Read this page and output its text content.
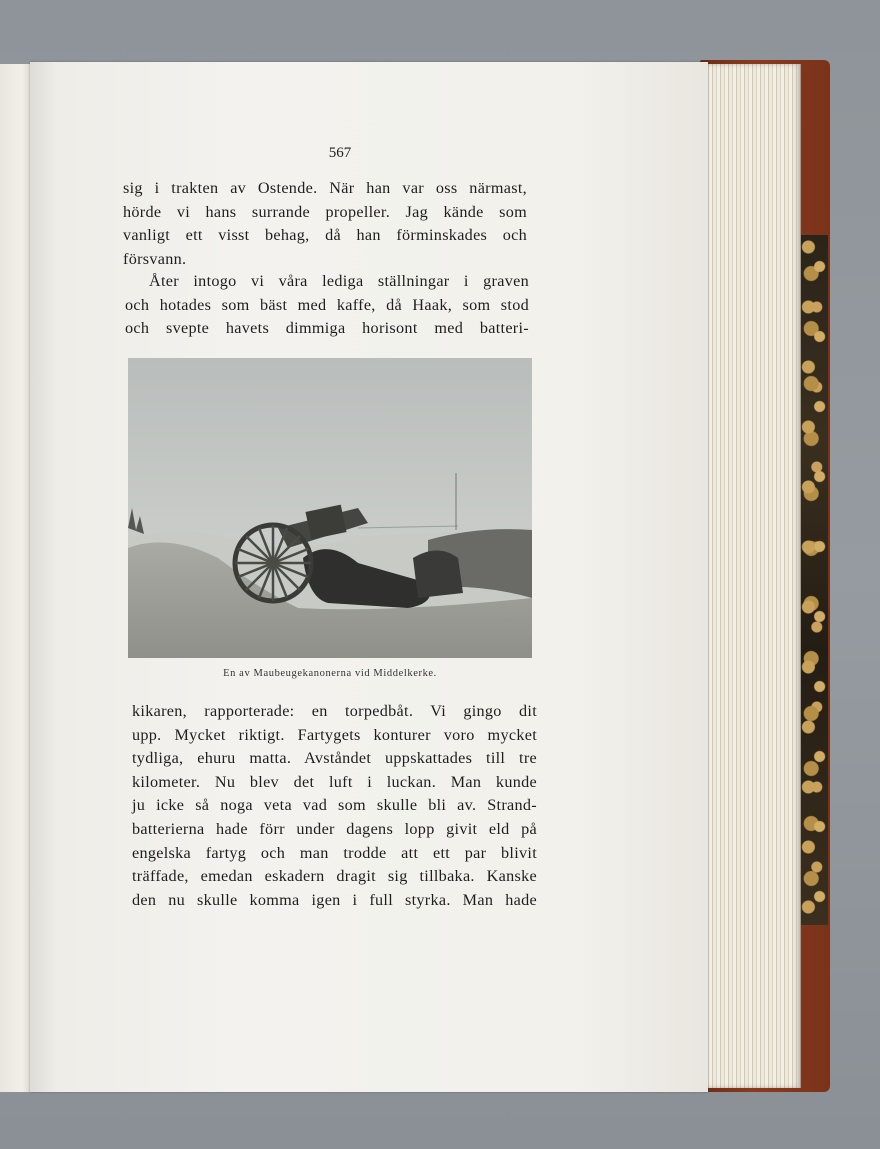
567

sig i trakten av Ostende. När han var oss närmast,
hörde vi hans surrande propeller. Jag kände som
vanligt ett visst behag, då han förminskades och
försvann.

Åter intogo vi våra lediga ställningar i graven
och hotades som bäst med kaffe, då Haak, som stod
och svepte havets dimmiga horisont med batteri-

En av Maubeugekanonerna vid Middelkerke.

kikaren, rapporterade: en torpedbåt. Vi gingo dit
upp. Mycket riktigt. Fartygets konturer voro mycket
tydliga, ehuru matta. Avståndet uppskattades till tre
kilometer. Nu blev det luft i luckan. Man kunde
ju icke så noga veta vad som skulle bli av. Strand-
batterierna hade förr under dagens lopp givit eld på
engelska fartyg och man trodde att ett par blivit
träffade, emedan eskadern dragit sig tillbaka. Kanske
den nu skulle komma igen i full styrka. Man hade
